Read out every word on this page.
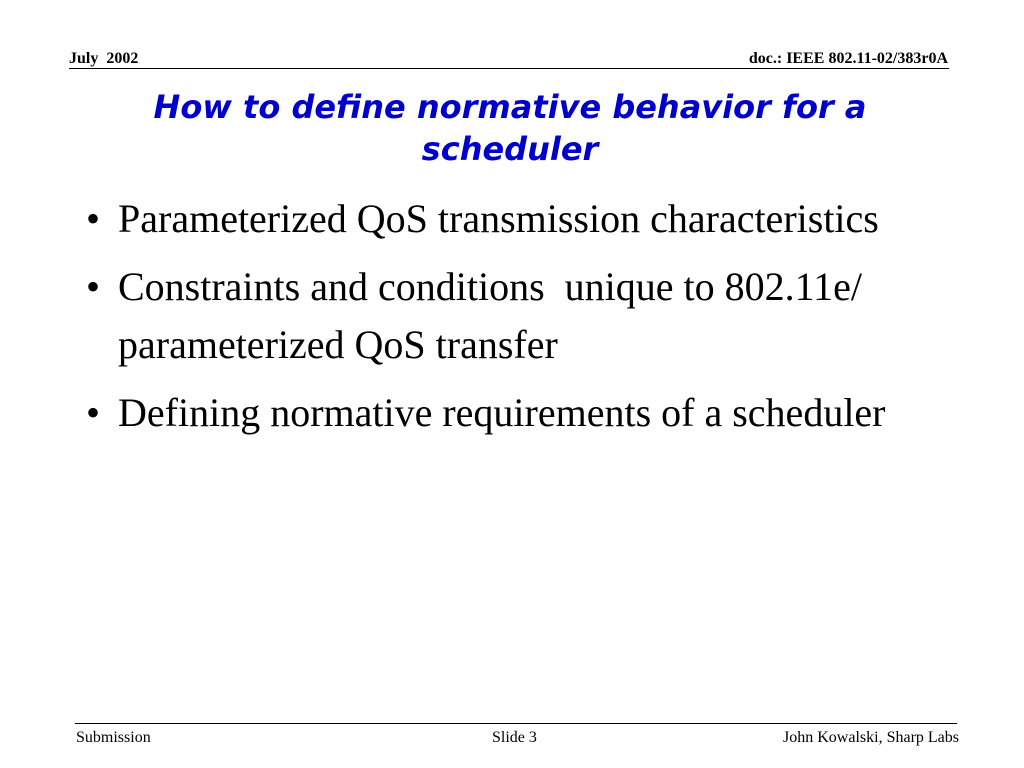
July  2002	doc.: IEEE 802.11-02/383r0A
How to define normative behavior for a scheduler
• Parameterized QoS transmission characteristics
• Constraints and conditions  unique to 802.11e/ parameterized QoS transfer
• Defining normative requirements of a scheduler
Submission	Slide 3	John Kowalski, Sharp Labs
